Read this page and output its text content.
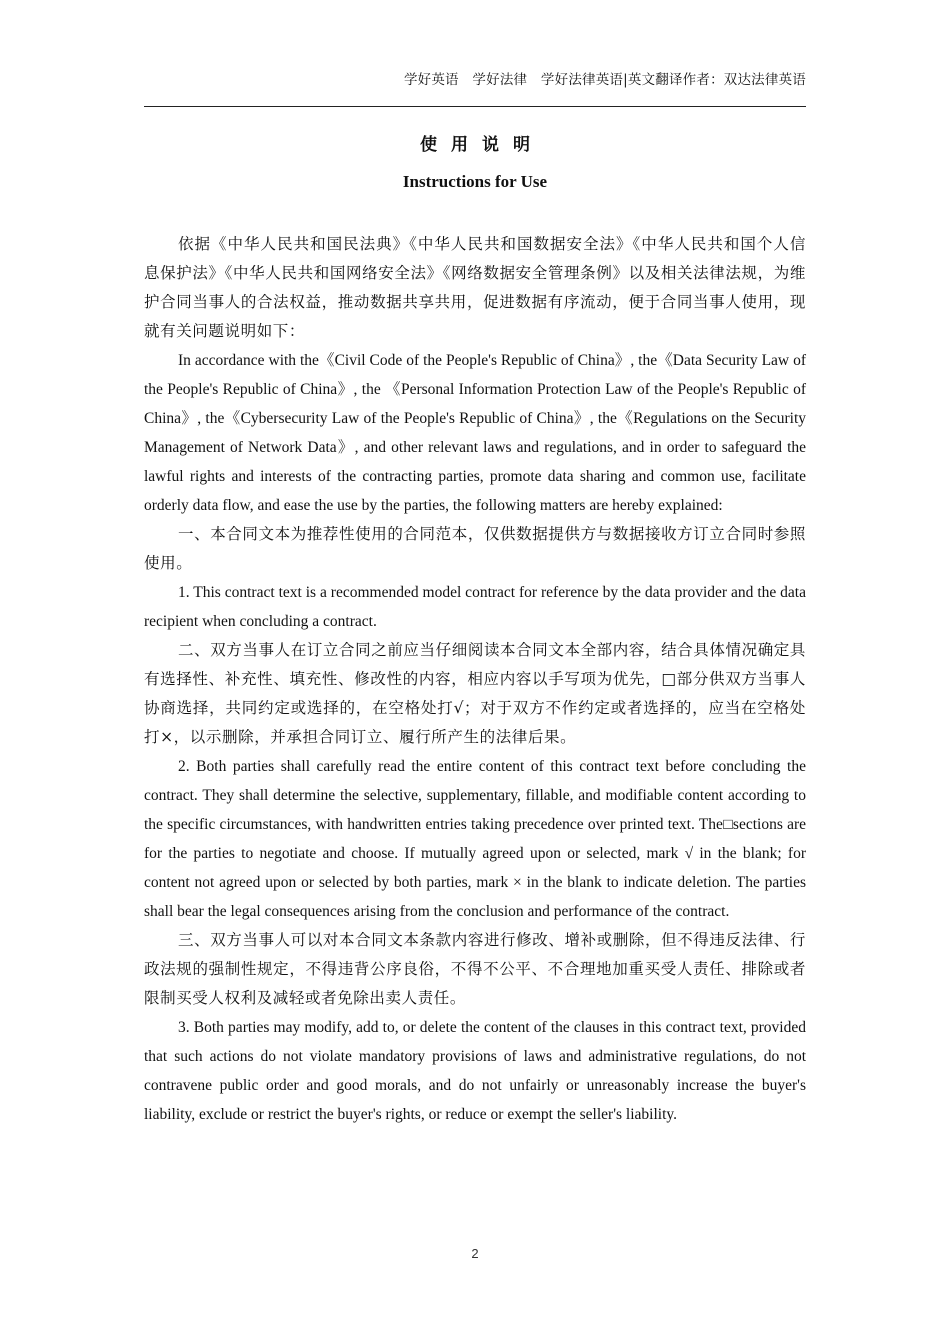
学好英语　学好法律　学好法律英语|英文翻译作者：双达法律英语
使用说明
Instructions for Use

依据《中华人民共和国民法典》《中华人民共和国数据安全法》《中华人民共和国个人信息保护法》《中华人民共和国网络安全法》《网络数据安全管理条例》以及相关法律法规，为维护合同当事人的合法权益，推动数据共享共用，促进数据有序流动，便于合同当事人使用，现就有关问题说明如下：

In accordance with the《Civil Code of the People's Republic of China》, the《Data Security Law of the People's Republic of China》, the 《Personal Information Protection Law of the People's Republic of China》, the《Cybersecurity Law of the People's Republic of China》, the《Regulations on the Security Management of Network Data》, and other relevant laws and regulations, and in order to safeguard the lawful rights and interests of the contracting parties, promote data sharing and common use, facilitate orderly data flow, and ease the use by the parties, the following matters are hereby explained:

一、本合同文本为推荐性使用的合同范本，仅供数据提供方与数据接收方订立合同时参照使用。

1. This contract text is a recommended model contract for reference by the data provider and the data recipient when concluding a contract.

二、双方当事人在订立合同之前应当仔细阅读本合同文本全部内容，结合具体情况确定具有选择性、补充性、填充性、修改性的内容，相应内容以手写项为优先，□部分供双方当事人协商选择，共同约定或选择的，在空格处打√；对于双方不作约定或者选择的，应当在空格处打×，以示删除，并承担合同订立、履行所产生的法律后果。

2. Both parties shall carefully read the entire content of this contract text before concluding the contract. They shall determine the selective, supplementary, fillable, and modifiable content according to the specific circumstances, with handwritten entries taking precedence over printed text. The□sections are for the parties to negotiate and choose. If mutually agreed upon or selected, mark √ in the blank; for content not agreed upon or selected by both parties, mark × in the blank to indicate deletion. The parties shall bear the legal consequences arising from the conclusion and performance of the contract.

三、双方当事人可以对本合同文本条款内容进行修改、增补或删除，但不得违反法律、行政法规的强制性规定，不得违背公序良俗，不得不公平、不合理地加重买受人责任、排除或者限制买受人权利及减轻或者免除出卖人责任。

3. Both parties may modify, add to, or delete the content of the clauses in this contract text, provided that such actions do not violate mandatory provisions of laws and administrative regulations, do not contravene public order and good morals, and do not unfairly or unreasonably increase the buyer's liability, exclude or restrict the buyer's rights, or reduce or exempt the seller's liability.

2
